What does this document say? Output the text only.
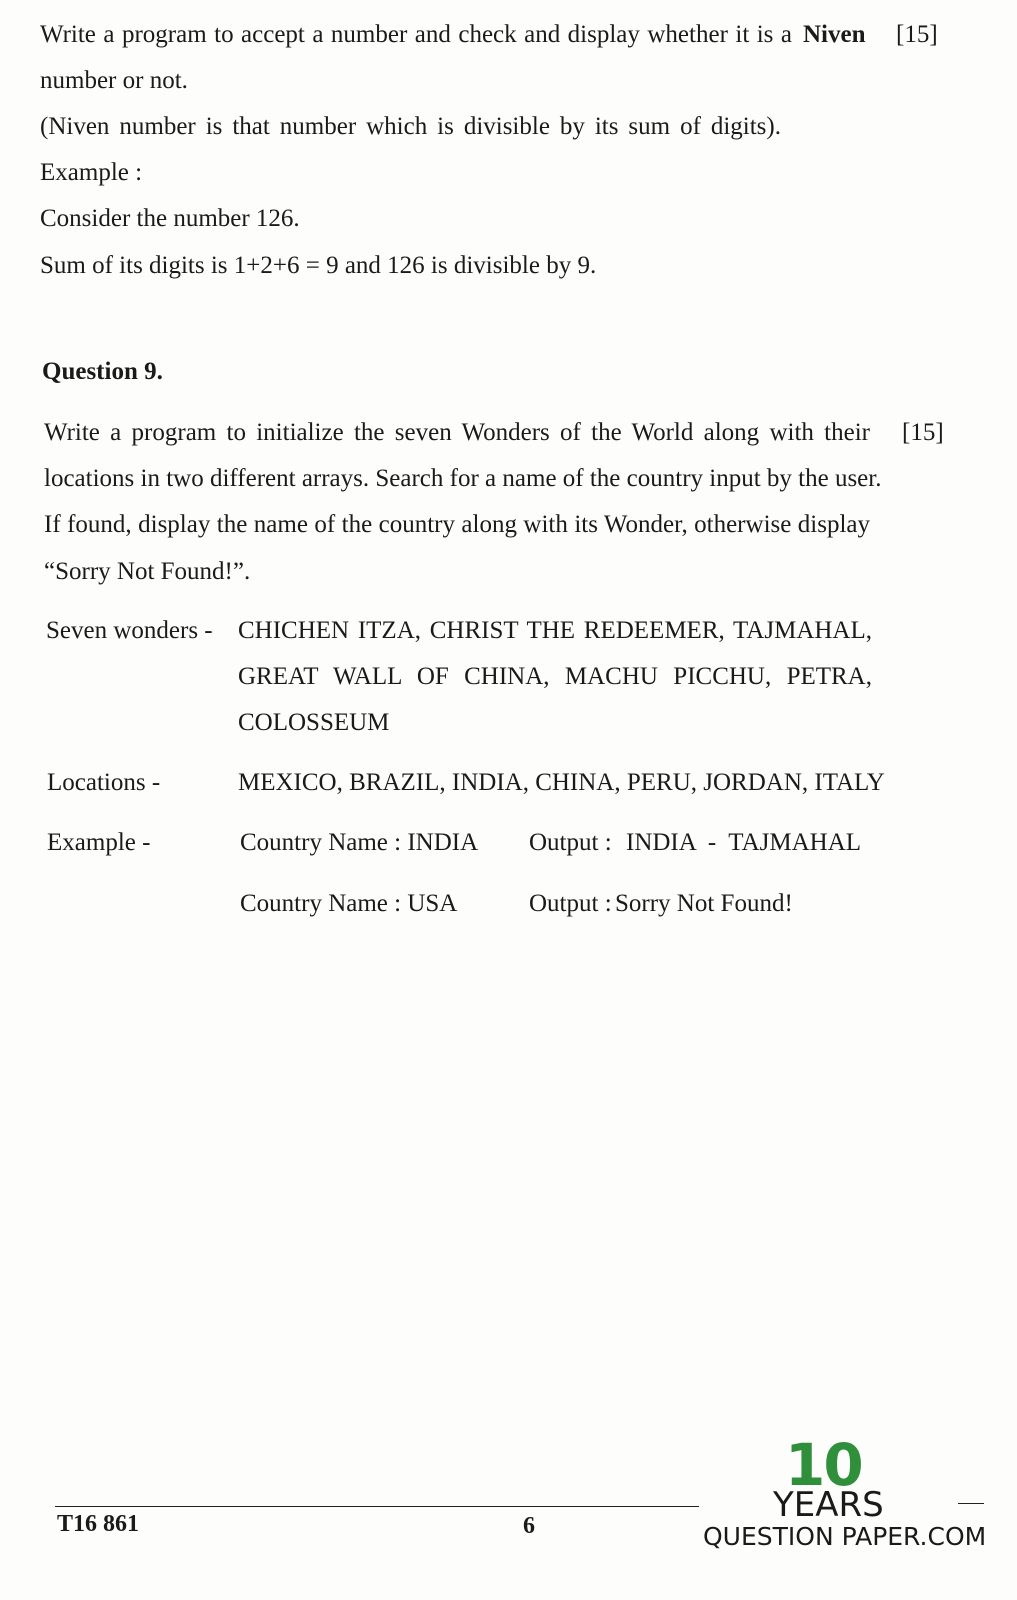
Write a program to accept a number and check and display whether it is a Niven [15]
number or not.
(Niven number is that number which is divisible by its sum of digits).
Example :
Consider the number 126.
Sum of its digits is 1+2+6 = 9 and 126 is divisible by 9.
Question 9.
Write a program to initialize the seven Wonders of the World along with their [15]
locations in two different arrays. Search for a name of the country input by the user.
If found, display the name of the country along with its Wonder, otherwise display
“Sorry Not Found!”.
Seven wonders - CHICHEN ITZA, CHRIST THE REDEEMER, TAJMAHAL,
GREAT WALL OF CHINA, MACHU PICCHU, PETRA,
COLOSSEUM
Locations -	MEXICO, BRAZIL, INDIA, CHINA, PERU, JORDAN, ITALY
Example -	Country Name : INDIA Output : INDIA  -  TAJMAHAL
Country Name : USA	Output : Sorry Not Found!
T16 861	6
10
YEARS
QUESTION PAPER.COM
